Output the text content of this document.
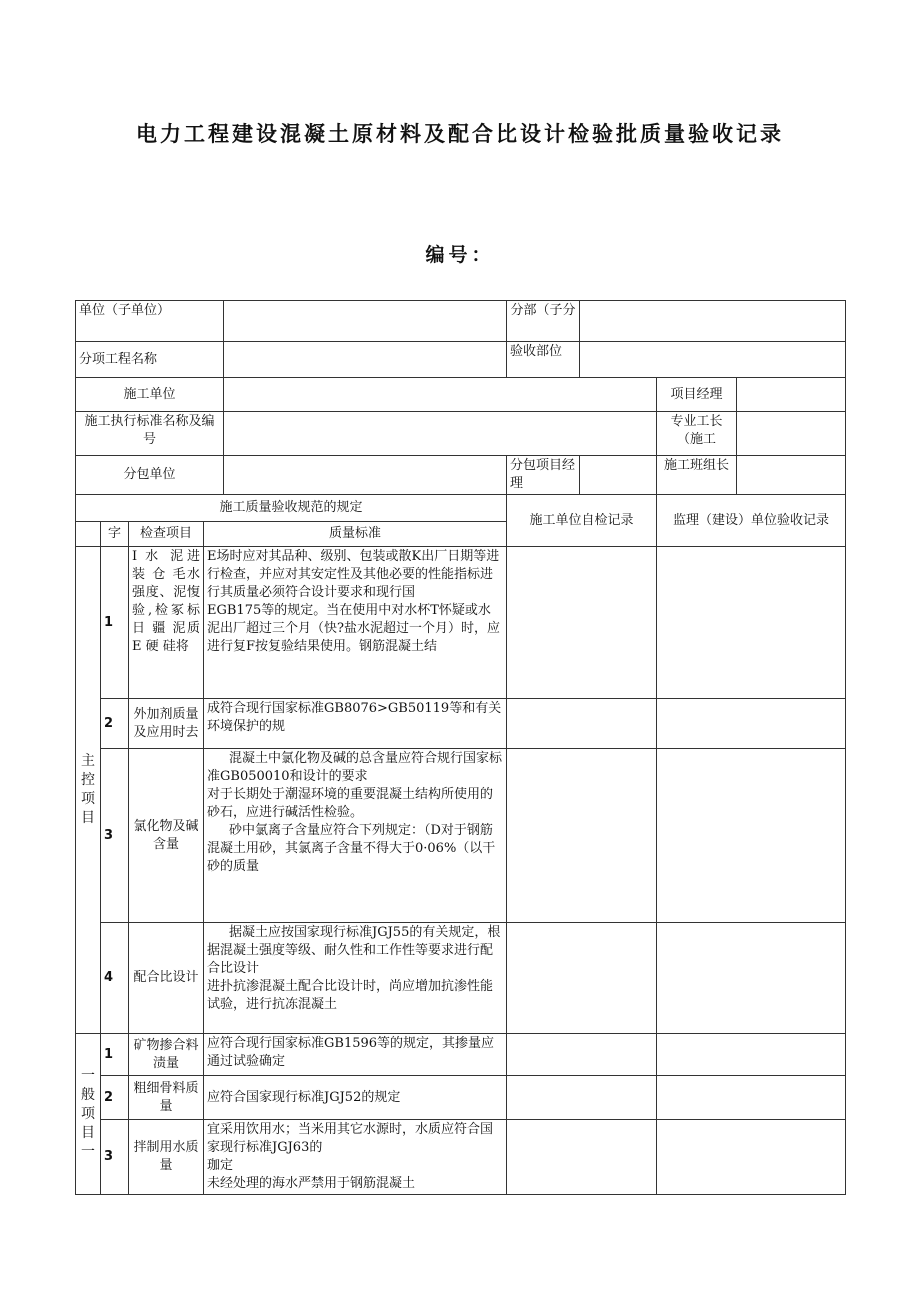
电力工程建设混凝土原材料及配合比设计检验批质量验收记录
编号：
单位（子单位）					分部（子分			
分项工程名称					验收部位			
施工单位							项目经理	
施工执行标准名称及编号							专业工长（施工	
分包单位					分包项目经理		施工班组长	
施工质量验收规范的规定					施工单位自检记录		监理（建设）单位验收记录	
	字	检查项目	质量标准					

主控项目	1	I 水 泥进 装 仓 毛水强度、泥愎验,检冢标 日 疆 泥质 E 硬 硅将	E场时应对其品种、级别、包装或散K出厂日期等进行检查，并应对其安定性及其他必要的性能指标进行其质量必须符合设计要求和现行国
EGB175等的规定。当在使用中对水杯T怀疑或水泥出厂超过三个月（快?盐水泥超过一个月）时，应进行复F按复验结果使用。钢筋混凝土结					

	2	外加剂质量及应用时去	成符合现行国家标准GB8076>GB50119等和有关环境保护的规					

	3	氯化物及碱含量	混凝土中氯化物及碱的总含量应符合规行国家标准GB050010和设计的要求
对于长期处于潮湿环境的重要混凝土结构所使用的砂石，应进行碱活性检验。
砂中氯离子含量应符合下列规定：（D对于钢筋混凝土用砂，其氯离子含量不得大于0·06%（以干砂的质量					

	4	配合比设计	据凝土应按国家现行标准JGJ55的有关规定，根据混凝土强度等级、耐久性和工作性等要求进行配合比设计
进扑抗渗混凝土配合比设计时，尚应增加抗渗性能试验，进行抗冻混凝土					

一般项目一	1	矿物掺合料渍量	应符合现行国家标准GB1596等的规定，其掺量应通过试验确定					

	2	粗细骨料质量	应符合国家现行标准JGJ52的规定					

	3	拌制用水质量	宜采用饮用水；当米用其它水源时，水质应符合国家现行标准JGJ63的
珈定
未经处理的海水严禁用于钢筋混凝土					
